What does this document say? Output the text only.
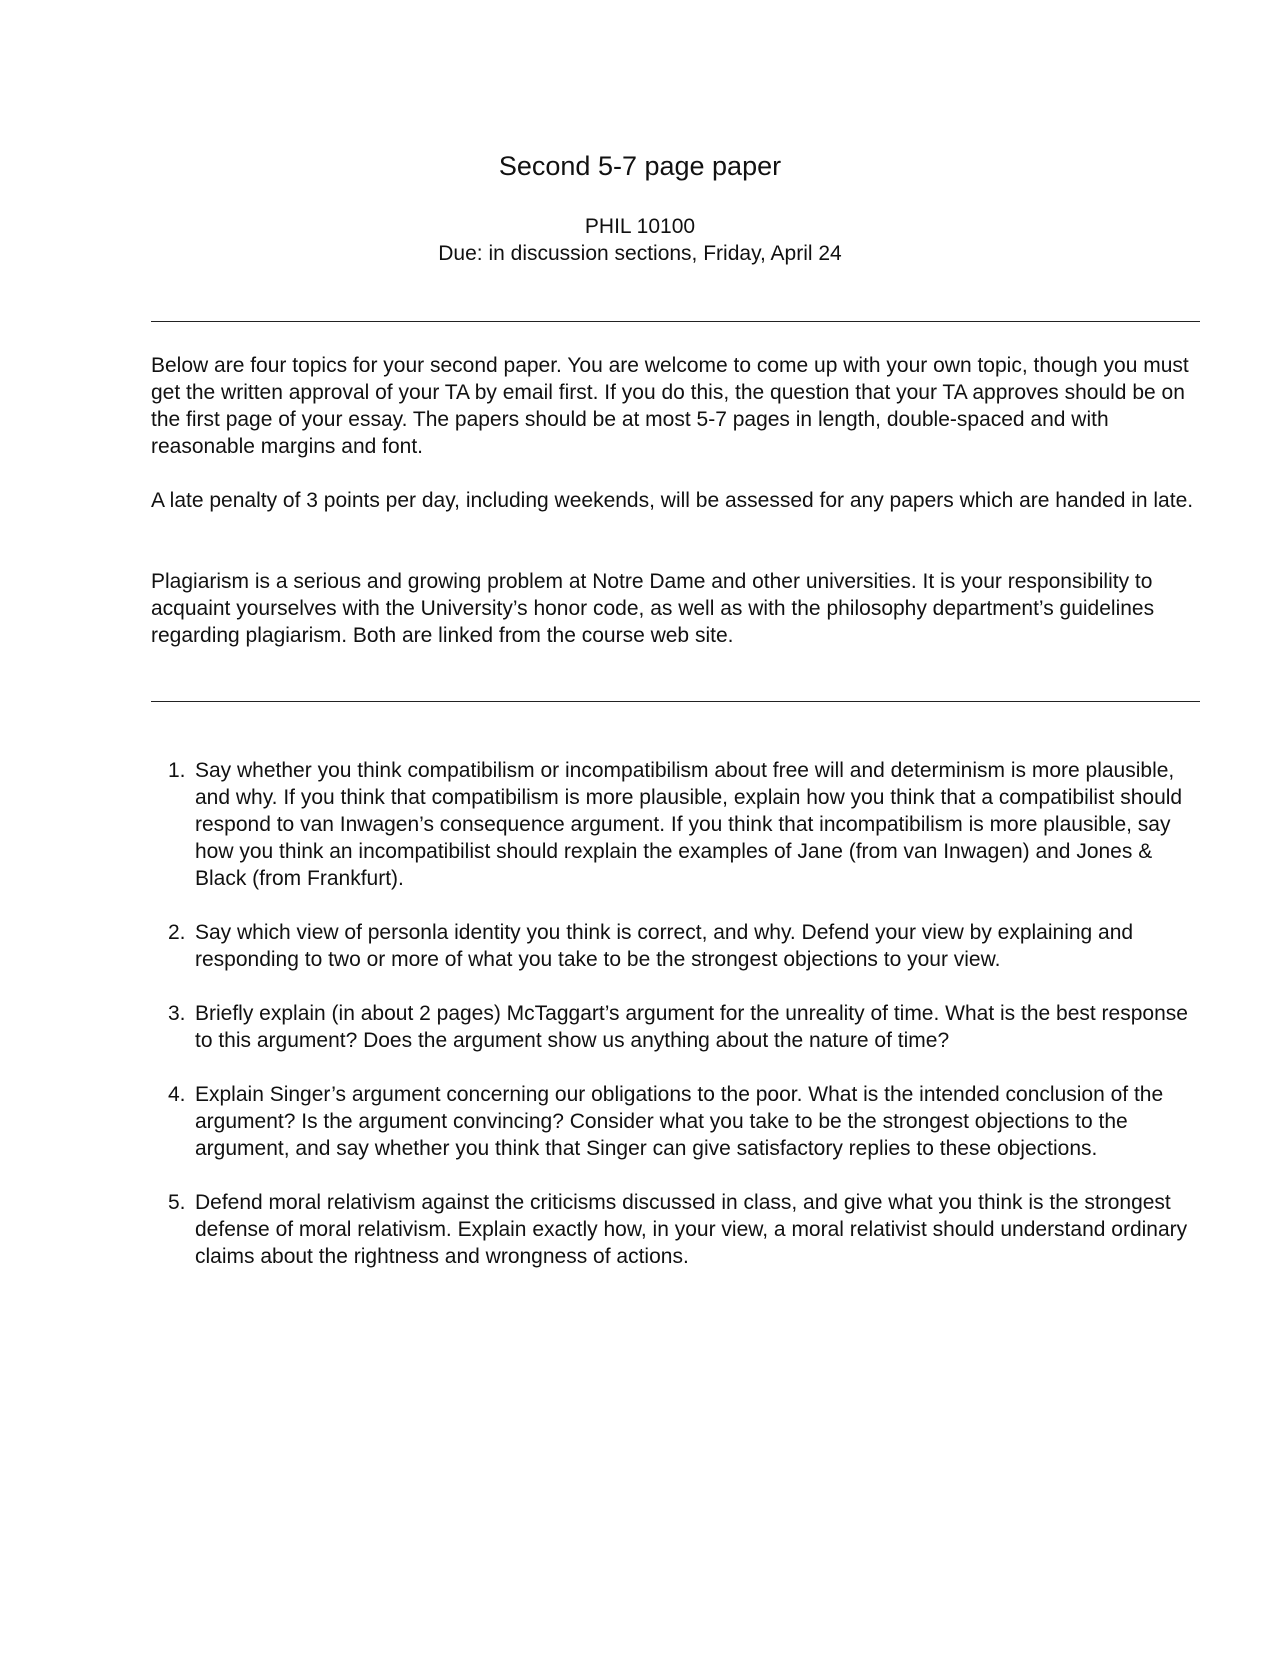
Second 5-7 page paper
PHIL 10100
Due: in discussion sections, Friday, April 24

Below are four topics for your second paper. You are welcome to come up with your own topic, though you must get the written approval of your TA by email first. If you do this, the question that your TA approves should be on the first page of your essay. The papers should be at most 5-7 pages in length, double-spaced and with reasonable margins and font.

A late penalty of 3 points per day, including weekends, will be assessed for any papers which are handed in late.

Plagiarism is a serious and growing problem at Notre Dame and other universities. It is your responsibility to acquaint yourselves with the University’s honor code, as well as with the philosophy department’s guidelines regarding plagiarism. Both are linked from the course web site.

1. Say whether you think compatibilism or incompatibilism about free will and determinism is more plausible, and why. If you think that compatibilism is more plausible, explain how you think that a compatibilist should respond to van Inwagen’s consequence argument. If you think that incompatibilism is more plausible, say how you think an incompatibilist should rexplain the examples of Jane (from van Inwagen) and Jones & Black (from Frankfurt).
2. Say which view of personla identity you think is correct, and why. Defend your view by explaining and responding to two or more of what you take to be the strongest objections to your view.
3. Briefly explain (in about 2 pages) McTaggart’s argument for the unreality of time. What is the best response to this argument? Does the argument show us anything about the nature of time?
4. Explain Singer’s argument concerning our obligations to the poor. What is the intended conclusion of the argument? Is the argument convincing? Consider what you take to be the strongest objections to the argument, and say whether you think that Singer can give satisfactory replies to these objections.
5. Defend moral relativism against the criticisms discussed in class, and give what you think is the strongest defense of moral relativism. Explain exactly how, in your view, a moral relativist should understand ordinary claims about the rightness and wrongness of actions.
